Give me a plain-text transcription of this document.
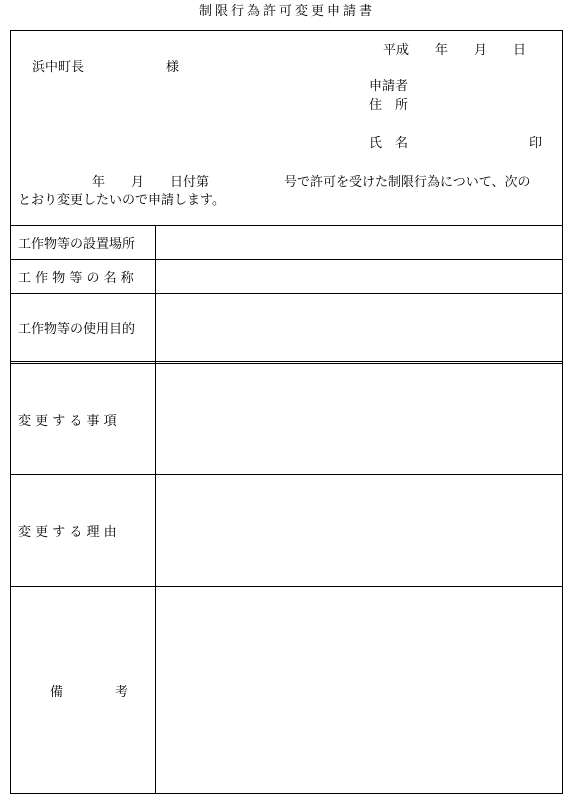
制限行為許可変更申請書
平成　　年　　月　　日
浜中町長	様
申請者
住　所
氏　名	印
年　　月　　日付第	号で許可を受けた制限行為について、次の
とおり変更したいので申請します。
工作物等の設置場所
工 作 物 等 の 名 称
工作物等の使用目的
変 更 す る 事 項
変 更 す る 理 由
備　　　　考
